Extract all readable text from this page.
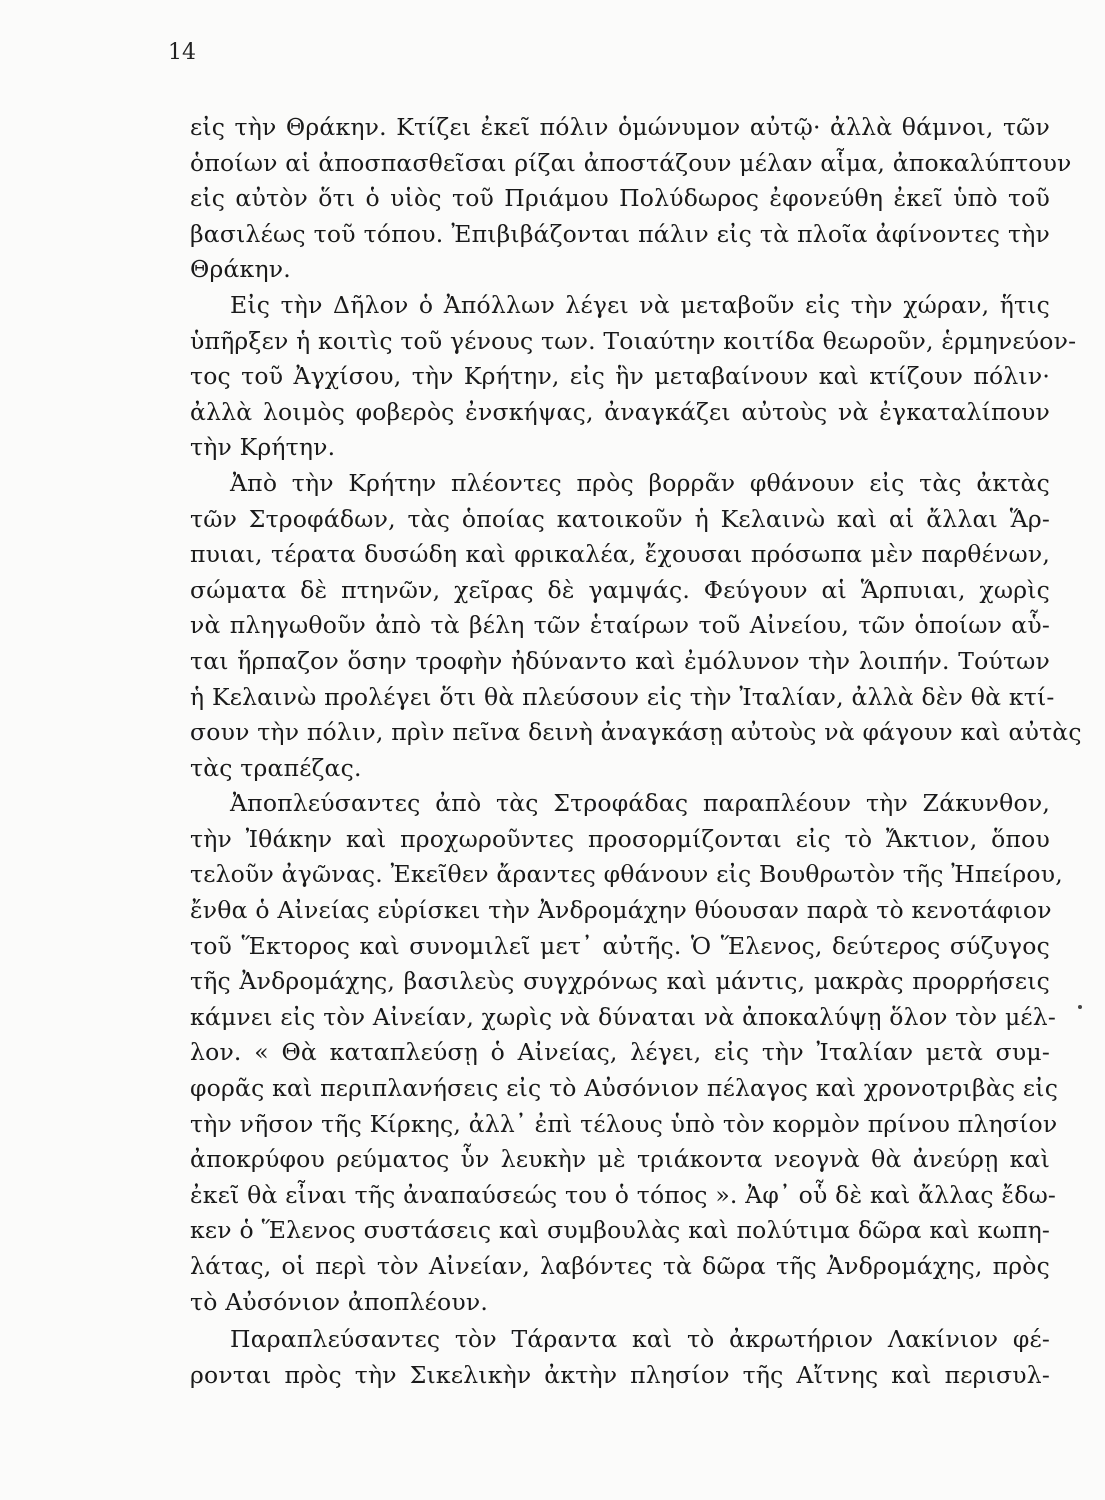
14
εἰς τὴν Θράκην. Κτίζει ἐκεῖ πόλιν ὁμώνυμον αὐτῷ· ἀλλὰ θάμνοι, τῶν
ὁποίων αἱ ἀποσπασθεῖσαι ρίζαι ἀποστάζουν μέλαν αἷμα, ἀποκαλύπτουν
εἰς αὐτὸν ὅτι ὁ υἱὸς τοῦ Πριάμου Πολύδωρος ἐφονεύθη ἐκεῖ ὑπὸ τοῦ
βασιλέως τοῦ τόπου. Ἐπιβιβάζονται πάλιν εἰς τὰ πλοῖα ἀφίνοντες τὴν
Θράκην.
Εἰς τὴν Δῆλον ὁ Ἀπόλλων λέγει νὰ μεταβοῦν εἰς τὴν χώραν, ἥτις
ὑπῆρξεν ἡ κοιτὶς τοῦ γένους των. Τοιαύτην κοιτίδα θεωροῦν, ἑρμηνεύον-
τος τοῦ Ἀγχίσου, τὴν Κρήτην, εἰς ἣν μεταβαίνουν καὶ κτίζουν πόλιν·
ἀλλὰ λοιμὸς φοβερὸς ἐνσκήψας, ἀναγκάζει αὐτοὺς νὰ ἐγκαταλίπουν
τὴν Κρήτην.
Ἀπὸ τὴν Κρήτην πλέοντες πρὸς βορρᾶν φθάνουν εἰς τὰς ἀκτὰς
τῶν Στροφάδων, τὰς ὁποίας κατοικοῦν ἡ Κελαινὼ καὶ αἱ ἄλλαι Ἅρ-
πυιαι, τέρατα δυσώδη καὶ φρικαλέα, ἔχουσαι πρόσωπα μὲν παρθένων,
σώματα δὲ πτηνῶν, χεῖρας δὲ γαμψάς. Φεύγουν αἱ Ἅρπυιαι, χωρὶς
νὰ πληγωθοῦν ἀπὸ τὰ βέλη τῶν ἑταίρων τοῦ Αἰνείου, τῶν ὁποίων αὗ-
ται ἥρπαζον ὅσην τροφὴν ἠδύναντο καὶ ἐμόλυνον τὴν λοιπήν. Τούτων
ἡ Κελαινὼ προλέγει ὅτι θὰ πλεύσουν εἰς τὴν Ἰταλίαν, ἀλλὰ δὲν θὰ κτί-
σουν τὴν πόλιν, πρὶν πεῖνα δεινὴ ἀναγκάσῃ αὐτοὺς νὰ φάγουν καὶ αὐτὰς
τὰς τραπέζας.
Ἀποπλεύσαντες ἀπὸ τὰς Στροφάδας παραπλέουν τὴν Ζάκυνθον,
τὴν Ἰθάκην καὶ προχωροῦντες προσορμίζονται εἰς τὸ Ἄκτιον, ὅπου
τελοῦν ἀγῶνας. Ἐκεῖθεν ἄραντες φθάνουν εἰς Βουθρωτὸν τῆς Ἠπείρου,
ἔνθα ὁ Αἰνείας εὑρίσκει τὴν Ἀνδρομάχην θύουσαν παρὰ τὸ κενοτάφιον
τοῦ Ἕκτορος καὶ συνομιλεῖ μετ᾽ αὐτῆς. Ὁ Ἕλενος, δεύτερος σύζυγος
τῆς Ἀνδρομάχης, βασιλεὺς συγχρόνως καὶ μάντις, μακρὰς προρρήσεις
κάμνει εἰς τὸν Αἰνείαν, χωρὶς νὰ δύναται νὰ ἀποκαλύψῃ ὅλον τὸν μέλ-
λον. « Θὰ καταπλεύσῃ ὁ Αἰνείας, λέγει, εἰς τὴν Ἰταλίαν μετὰ συμ-
φορᾶς καὶ περιπλανήσεις εἰς τὸ Αὐσόνιον πέλαγος καὶ χρονοτριβὰς εἰς
τὴν νῆσον τῆς Κίρκης, ἀλλ᾽ ἐπὶ τέλους ὑπὸ τὸν κορμὸν πρίνου πλησίον
ἀποκρύφου ρεύματος ὗν λευκὴν μὲ τριάκοντα νεογνὰ θὰ ἀνεύρῃ καὶ
ἐκεῖ θὰ εἶναι τῆς ἀναπαύσεώς του ὁ τόπος ». Ἀφ᾽ οὗ δὲ καὶ ἄλλας ἔδω-
κεν ὁ Ἕλενος συστάσεις καὶ συμβουλὰς καὶ πολύτιμα δῶρα καὶ κωπη-
λάτας, οἱ περὶ τὸν Αἰνείαν, λαβόντες τὰ δῶρα τῆς Ἀνδρομάχης, πρὸς
τὸ Αὐσόνιον ἀποπλέουν.
Παραπλεύσαντες τὸν Τάραντα καὶ τὸ ἀκρωτήριον Λακίνιον φέ-
ρονται πρὸς τὴν Σικελικὴν ἀκτὴν πλησίον τῆς Αἴτνης καὶ περισυλ-
